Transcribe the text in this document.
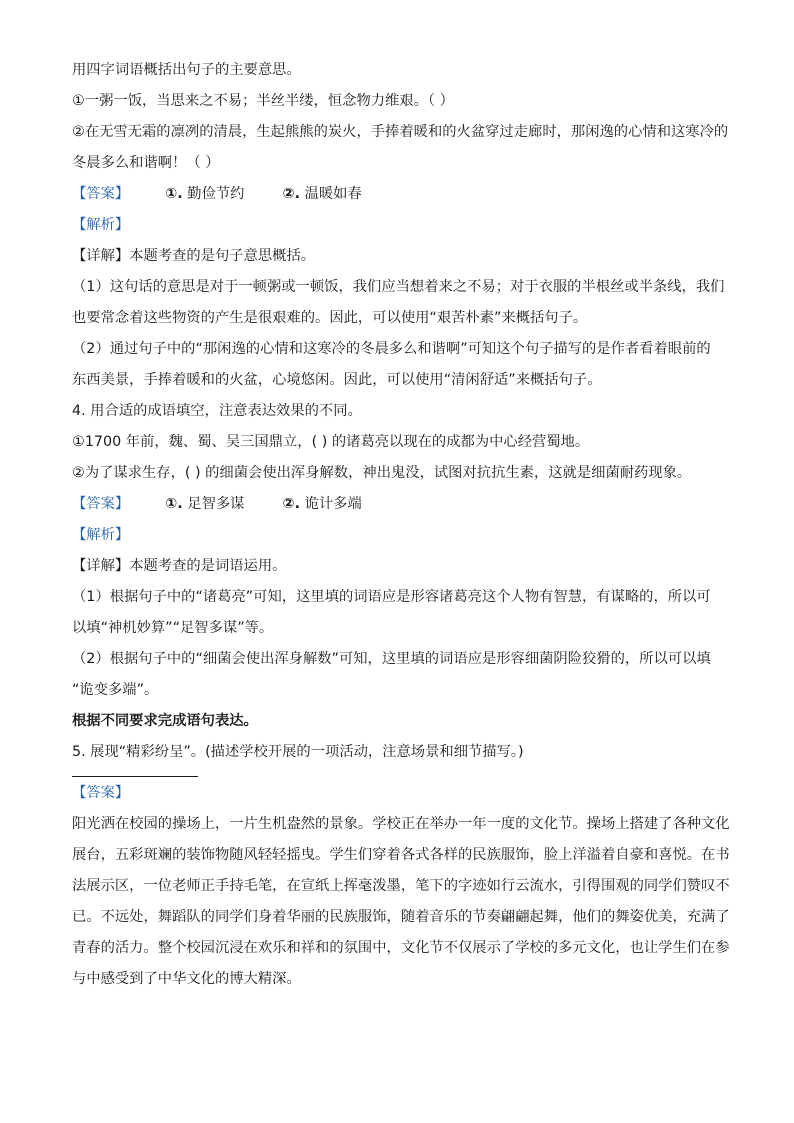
用四字词语概括出句子的主要意思。
①一粥一饭，当思来之不易；半丝半缕，恒念物力维艰。（ ）
②在无雪无霜的凛冽的清晨，生起熊熊的炭火，手捧着暖和的火盆穿过走廊时，那闲逸的心情和这寒冷的
冬晨多么和谐啊！（ ）
【答案】	①. 勤俭节约	②. 温暖如春
【解析】
【详解】本题考查的是句子意思概括。
（1）这句话的意思是对于一顿粥或一顿饭，我们应当想着来之不易；对于衣服的半根丝或半条线，我们
也要常念着这些物资的产生是很艰难的。因此，可以使用“艰苦朴素”来概括句子。
（2）通过句子中的“那闲逸的心情和这寒冷的冬晨多么和谐啊”可知这个句子描写的是作者看着眼前的
东西美景，手捧着暖和的火盆，心境悠闲。因此，可以使用“清闲舒适”来概括句子。
4. 用合适的成语填空，注意表达效果的不同。
①1700 年前，魏、蜀、吴三国鼎立，( ) 的诸葛亮以现在的成都为中心经营蜀地。
②为了谋求生存，( ) 的细菌会使出浑身解数，神出鬼没，试图对抗抗生素，这就是细菌耐药现象。
【答案】	①. 足智多谋	②. 诡计多端
【解析】
【详解】本题考查的是词语运用。
（1）根据句子中的“诸葛亮”可知，这里填的词语应是形容诸葛亮这个人物有智慧，有谋略的，所以可
以填“神机妙算”“足智多谋”等。
（2）根据句子中的“细菌会使出浑身解数”可知，这里填的词语应是形容细菌阴险狡猾的，所以可以填
“诡变多端”。
根据不同要求完成语句表达。
5. 展现“精彩纷呈”。(描述学校开展的一项活动，注意场景和细节描写。)
【答案】
阳光洒在校园的操场上，一片生机盎然的景象。学校正在举办一年一度的文化节。操场上搭建了各种文化
展台，五彩斑斓的装饰物随风轻轻摇曳。学生们穿着各式各样的民族服饰，脸上洋溢着自豪和喜悦。在书
法展示区，一位老师正手持毛笔，在宣纸上挥毫泼墨，笔下的字迹如行云流水，引得围观的同学们赞叹不
已。不远处，舞蹈队的同学们身着华丽的民族服饰，随着音乐的节奏翩翩起舞，他们的舞姿优美，充满了
青春的活力。整个校园沉浸在欢乐和祥和的氛围中，文化节不仅展示了学校的多元文化，也让学生们在参
与中感受到了中华文化的博大精深。
